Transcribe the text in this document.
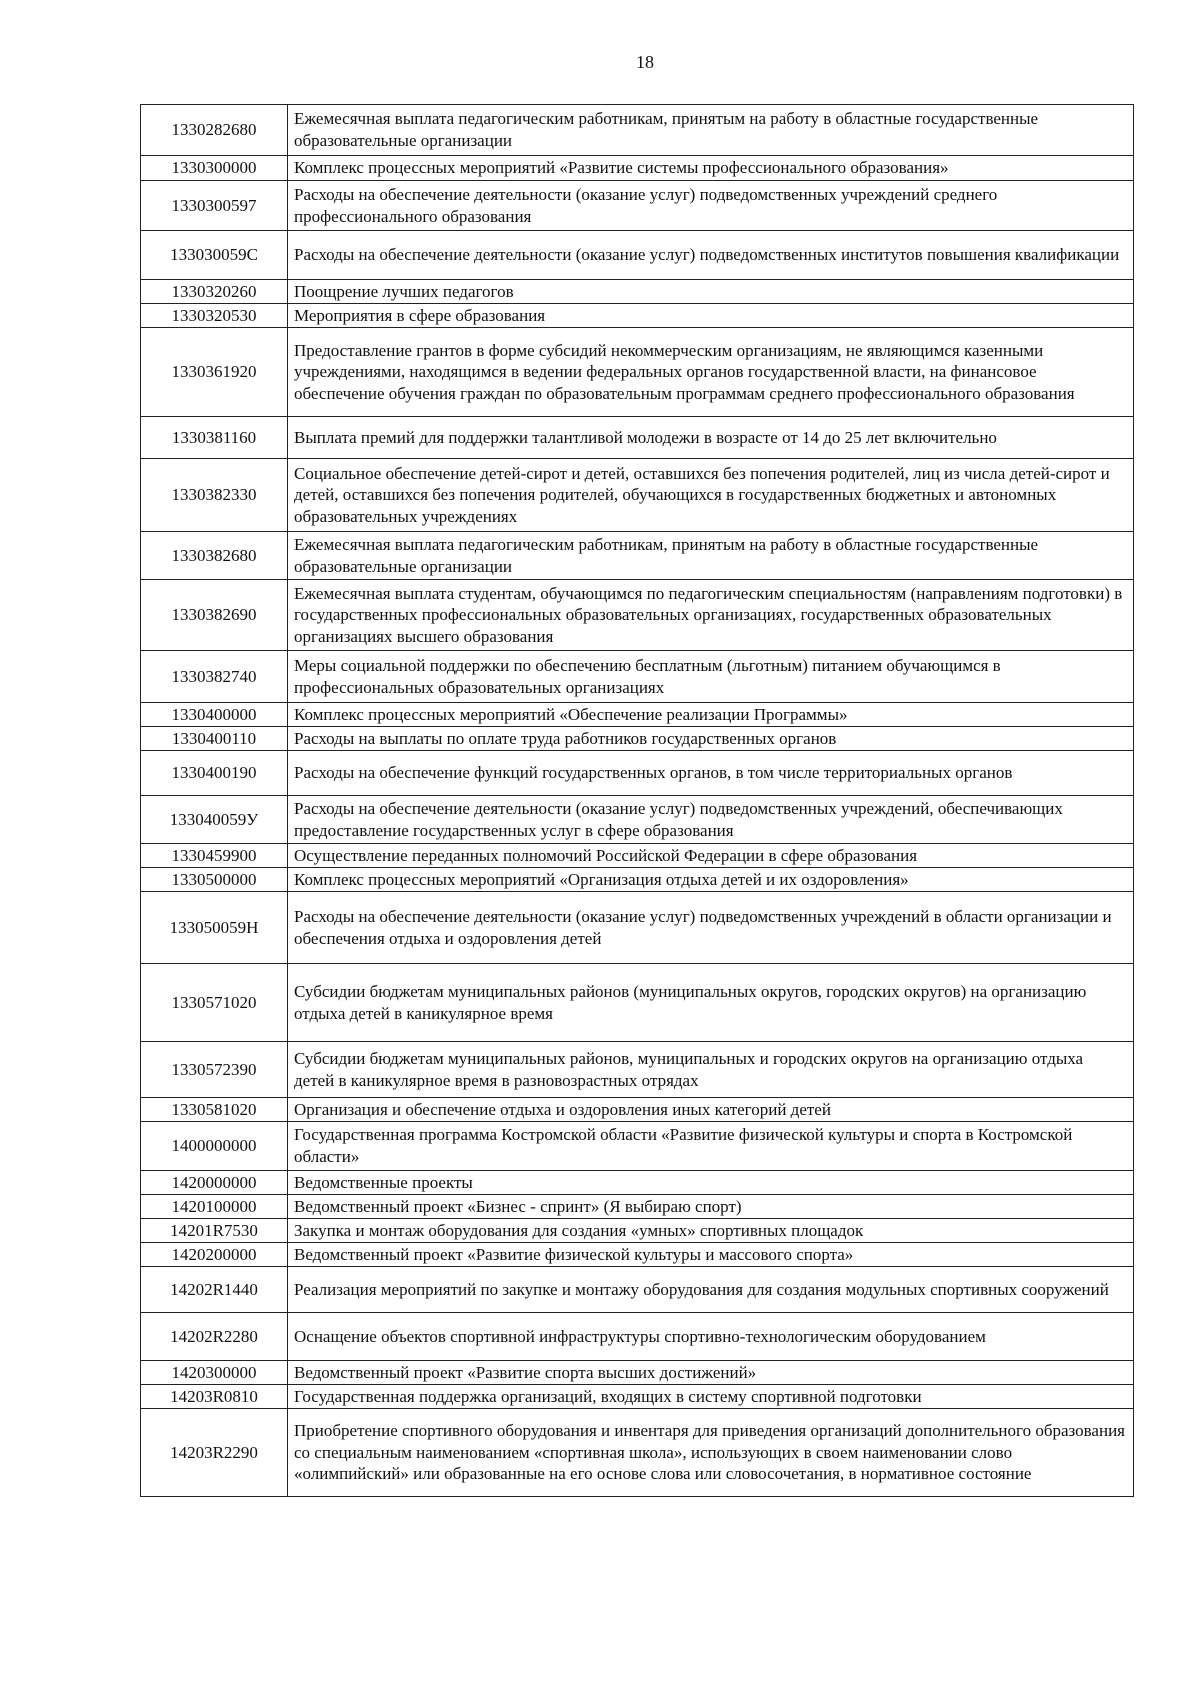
18
1330282680	Ежемесячная выплата педагогическим работникам, принятым на работу в областные государственные образовательные организации
1330300000	Комплекс процессных мероприятий «Развитие системы профессионального образования»
1330300597	Расходы на обеспечение деятельности (оказание услуг) подведомственных учреждений среднего профессионального образования
133030059C	Расходы на обеспечение деятельности (оказание услуг) подведомственных институтов повышения квалификации
1330320260	Поощрение лучших педагогов
1330320530	Мероприятия в сфере образования
1330361920	Предоставление грантов в форме субсидий некоммерческим организациям, не являющимся казенными учреждениями, находящимся в ведении федеральных органов государственной власти, на финансовое обеспечение обучения граждан по образовательным программам среднего профессионального образования
1330381160	Выплата премий для поддержки талантливой молодежи в возрасте от 14 до 25 лет включительно
1330382330	Социальное обеспечение детей-сирот и детей, оставшихся без попечения родителей, лиц из числа детей-сирот и детей, оставшихся без попечения родителей, обучающихся в государственных бюджетных и автономных образовательных учреждениях
1330382680	Ежемесячная выплата педагогическим работникам, принятым на работу в областные государственные образовательные организации
1330382690	Ежемесячная выплата студентам, обучающимся по педагогическим специальностям (направлениям подготовки) в государственных профессиональных образовательных организациях, государственных образовательных организациях высшего образования
1330382740	Меры социальной поддержки по обеспечению бесплатным (льготным) питанием обучающимся в профессиональных образовательных организациях
1330400000	Комплекс процессных мероприятий «Обеспечение реализации Программы»
1330400110	Расходы на выплаты по оплате труда работников государственных органов
1330400190	Расходы на обеспечение функций государственных органов, в том числе территориальных органов
133040059У	Расходы на обеспечение деятельности (оказание услуг) подведомственных учреждений, обеспечивающих предоставление государственных услуг в сфере образования
1330459900	Осуществление переданных полномочий Российской Федерации в сфере образования
1330500000	Комплекс процессных мероприятий «Организация отдыха детей и их оздоровления»
133050059Н	Расходы на обеспечение деятельности (оказание услуг) подведомственных учреждений в области организации и обеспечения отдыха и оздоровления детей
1330571020	Субсидии бюджетам муниципальных районов (муниципальных округов, городских округов) на организацию отдыха детей в каникулярное время
1330572390	Субсидии бюджетам муниципальных районов, муниципальных и городских округов на организацию отдыха детей в каникулярное время в разновозрастных отрядах
1330581020	Организация и обеспечение отдыха и оздоровления иных категорий детей
1400000000	Государственная программа Костромской области «Развитие физической культуры и спорта в Костромской области»
1420000000	Ведомственные проекты
1420100000	Ведомственный проект «Бизнес - спринт» (Я выбираю спорт)
14201R7530	Закупка и монтаж оборудования для создания «умных» спортивных площадок
1420200000	Ведомственный проект «Развитие физической культуры и массового спорта»
14202R1440	Реализация мероприятий по закупке и монтажу оборудования для создания модульных спортивных сооружений
14202R2280	Оснащение объектов спортивной инфраструктуры спортивно-технологическим оборудованием
1420300000	Ведомственный проект «Развитие спорта высших достижений»
14203R0810	Государственная поддержка организаций, входящих в систему спортивной подготовки
14203R2290	Приобретение спортивного оборудования и инвентаря для приведения организаций дополнительного образования со специальным наименованием «спортивная школа», использующих в своем наименовании слово «олимпийский» или образованные на его основе слова или словосочетания, в нормативное состояние
